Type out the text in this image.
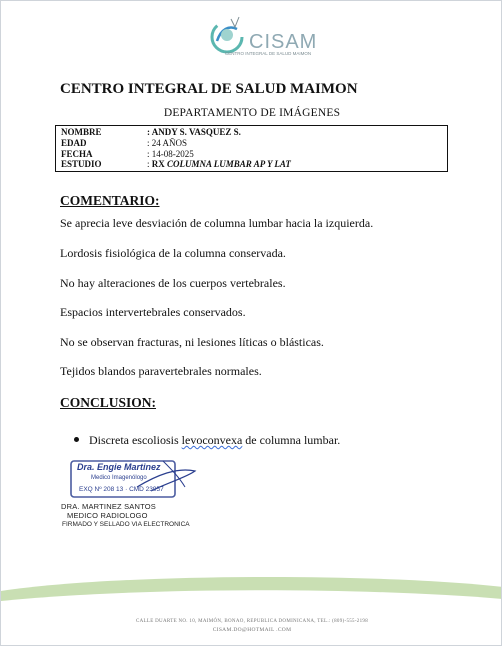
CISAM
CENTRO INTEGRAL DE SALUD MAIMON
CENTRO INTEGRAL DE SALUD MAIMON
DEPARTAMENTO DE IMÁGENES
NOMBRE	: ANDY S. VASQUEZ S.
EDAD	: 24 AÑOS
FECHA	: 14-08-2025
ESTUDIO	: RX COLUMNA LUMBAR AP Y LAT
COMENTARIO:
Se aprecia leve desviación de columna lumbar hacia la izquierda.
Lordosis fisiológica de la columna conservada.
No hay alteraciones de los cuerpos vertebrales.
Espacios intervertebrales conservados.
No se observan fracturas, ni lesiones líticas o blásticas.
Tejidos blandos paravertebrales normales.
CONCLUSION:
Discreta escoliosis levoconvexa de columna lumbar.
Dra. Engie Martinez
Medico Imagenólogo
EXQ Nº 208 13 · CMD 23957
DRA. MARTINEZ SANTOS
MEDICO RADIOLOGO
FIRMADO Y SELLADO VIA ELECTRONICA
CALLE DUARTE NO. 10, MAIMÓN, BONAO, REPUBLICA DOMINICANA, TEL.: (809)-555-2198
CISAM.DO@HOTMAIL .COM
